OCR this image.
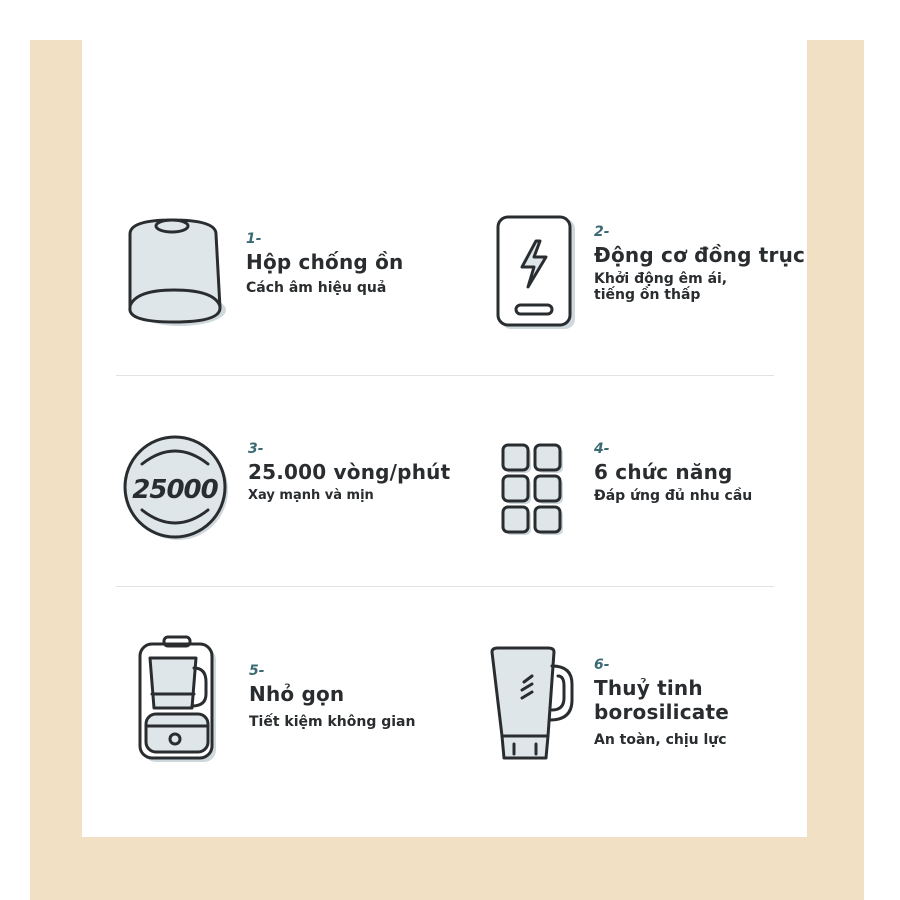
1-

Hộp chống ồn

Cách âm hiệu quả

2-

Động cơ đồng trục

Khởi động êm ái,

tiếng ồn thấp

25000

3-

25.000 vòng/phút

Xay mạnh và mịn

4-

6 chức năng

Đáp ứng đủ nhu cầu

5-

Nhỏ gọn

Tiết kiệm không gian

6-

Thuỷ tinh

borosilicate

An toàn, chịu lực
